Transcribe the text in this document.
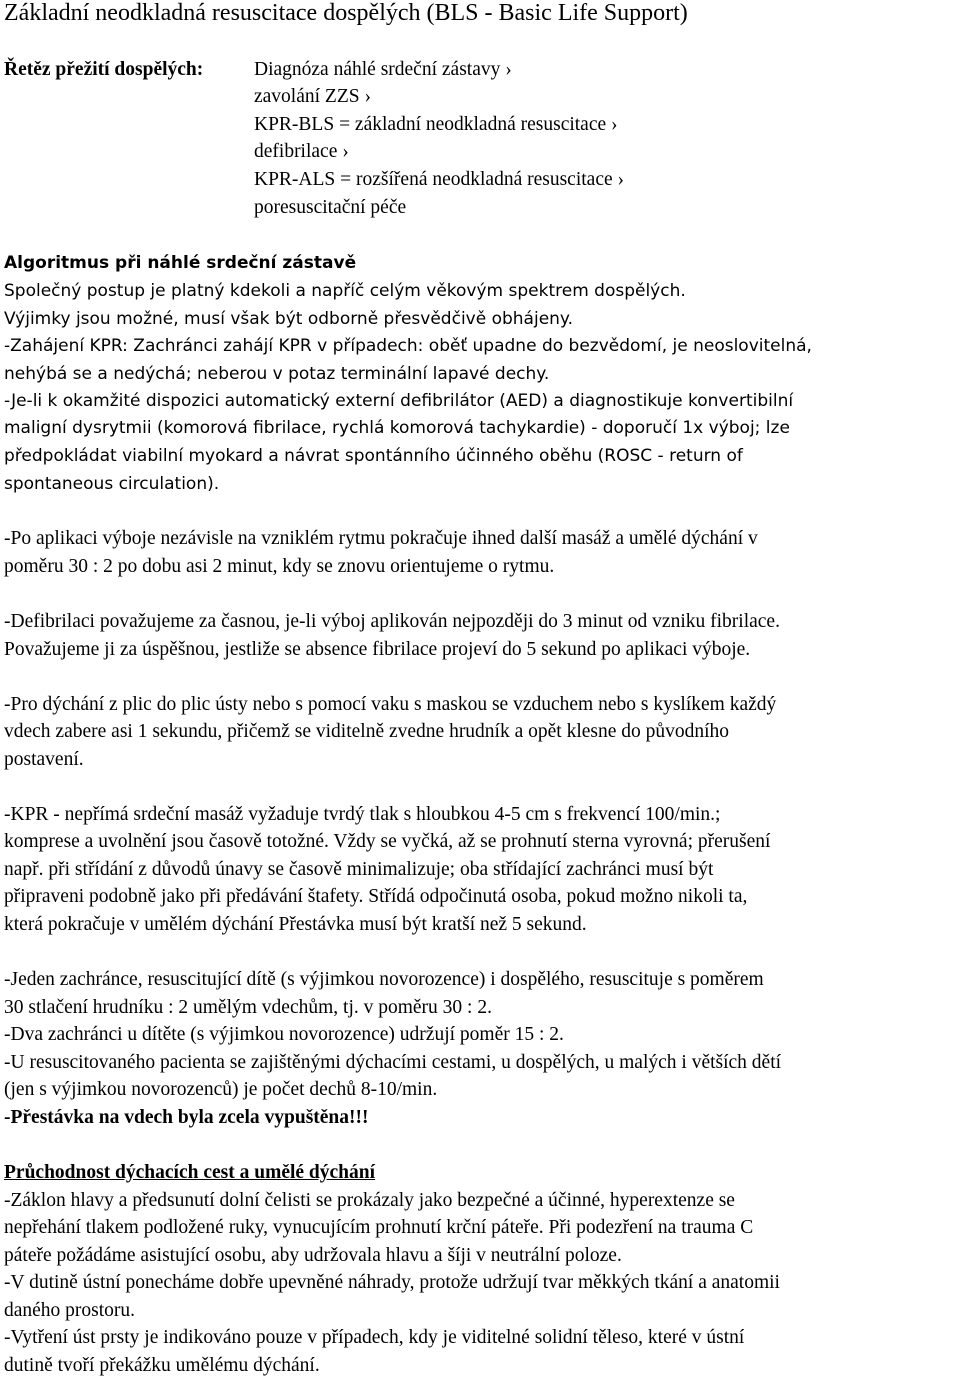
Základní neodkladná resuscitace dospělých (BLS - Basic Life Support)
Řetěz přežití dospělých:	Diagnóza náhlé srdeční zástavy ›
zavolání ZZS ›
KPR-BLS = základní neodkladná resuscitace ›
defibrilace ›
KPR-ALS = rozšířená neodkladná resuscitace ›
poresuscitační péče
Algoritmus při náhlé srdeční zástavě
Společný postup je platný kdekoli a napříč celým věkovým spektrem dospělých.
Výjimky jsou možné, musí však být odborně přesvědčivě obhájeny.
-Zahájení KPR: Zachránci zahájí KPR v případech: oběť upadne do bezvědomí, je neoslovitelná,
nehýbá se a nedýchá; neberou v potaz terminální lapavé dechy.
-Je-li k okamžité dispozici automatický externí defibrilátor (AED) a diagnostikuje konvertibilní
maligní dysrytmii (komorová fibrilace, rychlá komorová tachykardie) - doporučí 1x výboj; lze
předpokládat viabilní myokard a návrat spontánního účinného oběhu (ROSC - return of
spontaneous circulation).
-Po aplikaci výboje nezávisle na vzniklém rytmu pokračuje ihned další masáž a umělé dýchání v
poměru 30 : 2 po dobu asi 2 minut, kdy se znovu orientujeme o rytmu.
-Defibrilaci považujeme za časnou, je-li výboj aplikován nejpozději do 3 minut od vzniku fibrilace.
Považujeme ji za úspěšnou, jestliže se absence fibrilace projeví do 5 sekund po aplikaci výboje.
-Pro dýchání z plic do plic ústy nebo s pomocí vaku s maskou se vzduchem nebo s kyslíkem každý
vdech zabere asi 1 sekundu, přičemž se viditelně zvedne hrudník a opět klesne do původního
postavení.
-KPR - nepřímá srdeční masáž vyžaduje tvrdý tlak s hloubkou 4-5 cm s frekvencí 100/min.;
komprese a uvolnění jsou časově totožné. Vždy se vyčká, až se prohnutí sterna vyrovná; přerušení
např. při střídání z důvodů únavy se časově minimalizuje; oba střídající zachránci musí být
připraveni podobně jako při předávání štafety. Střídá odpočinutá osoba, pokud možno nikoli ta,
která pokračuje v umělém dýchání Přestávka musí být kratší než 5 sekund.
-Jeden zachránce, resuscitující dítě (s výjimkou novorozence) i dospělého, resuscituje s poměrem
30 stlačení hrudníku : 2 umělým vdechům, tj. v poměru 30 : 2.
-Dva zachránci u dítěte (s výjimkou novorozence) udržují poměr 15 : 2.
-U resuscitovaného pacienta se zajištěnými dýchacími cestami, u dospělých, u malých i větších dětí
(jen s výjimkou novorozenců) je počet dechů 8-10/min.
-Přestávka na vdech byla zcela vypuštěna!!!
Průchodnost dýchacích cest a umělé dýchání
-Záklon hlavy a předsunutí dolní čelisti se prokázaly jako bezpečné a účinné, hyperextenze se
nepřehání tlakem podložené ruky, vynucujícím prohnutí krční páteře. Při podezření na trauma C
páteře požádáme asistující osobu, aby udržovala hlavu a šíji v neutrální poloze.
-V dutině ústní ponecháme dobře upevněné náhrady, protože udržují tvar měkkých tkání a anatomii
daného prostoru.
-Vytření úst prsty je indikováno pouze v případech, kdy je viditelné solidní těleso, které v ústní
dutině tvoří překážku umělému dýchání.
